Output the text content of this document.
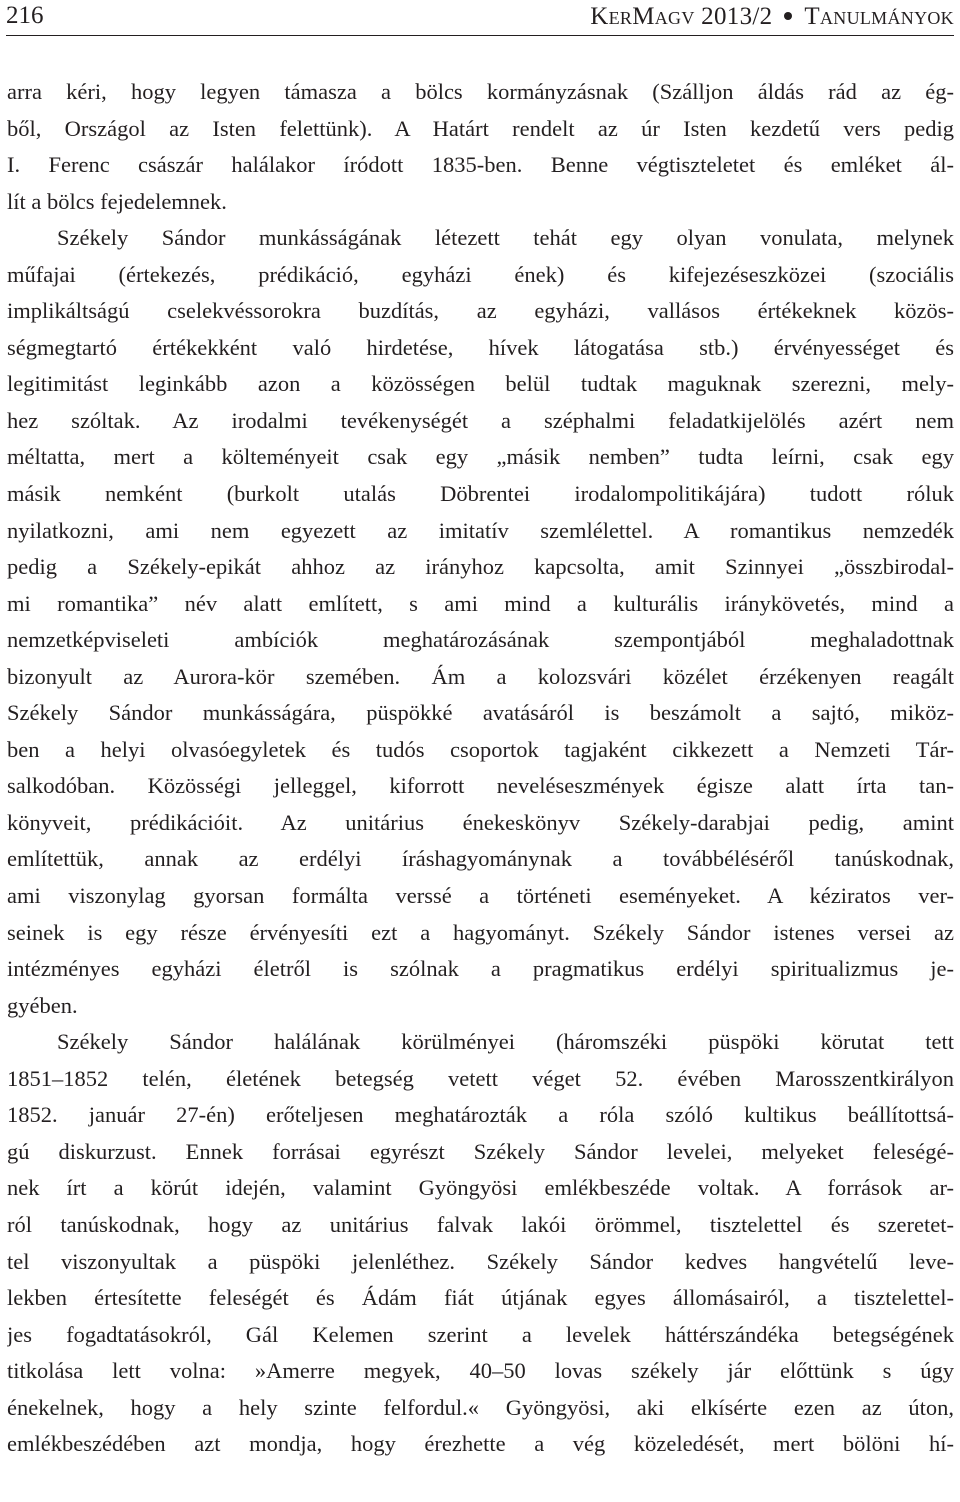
216	KerMagv 2013/2 Tanulmányok
arra kéri, hogy legyen támasza a bölcs kormányzásnak (Szálljon áldás rád az ég-
ből, Országol az Isten felettünk). A Határt rendelt az úr Isten kezdetű vers pedig
I. Ferenc császár halálakor íródott 1835-ben. Benne végtiszteletet és emléket ál-
lít a bölcs fejedelemnek.
Székely Sándor munkásságának létezett tehát egy olyan vonulata, melynek
műfajai (értekezés, prédikáció, egyházi ének) és kifejezéseszközei (szociális
implikáltságú cselekvéssorokra buzdítás, az egyházi, vallásos értékeknek közös-
ségmegtartó értékekként való hirdetése, hívek látogatása stb.) érvényességet és
legitimitást leginkább azon a közösségen belül tudtak maguknak szerezni, mely-
hez szóltak. Az irodalmi tevékenységét a széphalmi feladatkijelölés azért nem
méltatta, mert a költeményeit csak egy „másik nemben” tudta leírni, csak egy
másik nemként (burkolt utalás Döbrentei irodalompolitikájára) tudott róluk
nyilatkozni, ami nem egyezett az imitatív szemlélettel. A romantikus nemzedék
pedig a Székely-epikát ahhoz az irányhoz kapcsolta, amit Szinnyei „összbirodal-
mi romantika” név alatt említett, s ami mind a kulturális iránykövetés, mind a
nemzetképviseleti ambíciók meghatározásának szempontjából meghaladottnak
bizonyult az Aurora-kör szemében. Ám a kolozsvári közélet érzékenyen reagált
Székely Sándor munkásságára, püspökké avatásáról is beszámolt a sajtó, miköz-
ben a helyi olvasóegyletek és tudós csoportok tagjaként cikkezett a Nemzeti Tár-
salkodóban. Közösségi jelleggel, kiforrott neveléseszmények égisze alatt írta tan-
könyveit, prédikációit. Az unitárius énekeskönyv Székely-darabjai pedig, amint
említettük, annak az erdélyi íráshagyománynak a továbbéléséről tanúskodnak,
ami viszonylag gyorsan formálta verssé a történeti eseményeket. A kéziratos ver-
seinek is egy része érvényesíti ezt a hagyományt. Székely Sándor istenes versei az
intézményes egyházi életről is szólnak a pragmatikus erdélyi spiritualizmus je-
gyében.
Székely Sándor halálának körülményei (háromszéki püspöki körutat tett
1851–1852 telén, életének betegség vetett véget 52. évében Marosszentkirályon
1852. január 27-én) erőteljesen meghatározták a róla szóló kultikus beállítottsá-
gú diskurzust. Ennek forrásai egyrészt Székely Sándor levelei, melyeket feleségé-
nek írt a körút idején, valamint Gyöngyösi emlékbeszéde voltak. A források ar-
ról tanúskodnak, hogy az unitárius falvak lakói örömmel, tisztelettel és szeretet-
tel viszonyultak a püspöki jelenléthez. Székely Sándor kedves hangvételű leve-
lekben értesítette feleségét és Ádám fiát útjának egyes állomásairól, a tisztelettel-
jes fogadtatásokról, Gál Kelemen szerint a levelek háttérszándéka betegségének
titkolása lett volna: »Amerre megyek, 40–50 lovas székely jár előttünk s úgy
énekelnek, hogy a hely szinte felfordul.« Gyöngyösi, aki elkísérte ezen az úton,
emlékbeszédében azt mondja, hogy érezhette a vég közeledését, mert bölöni hí-
